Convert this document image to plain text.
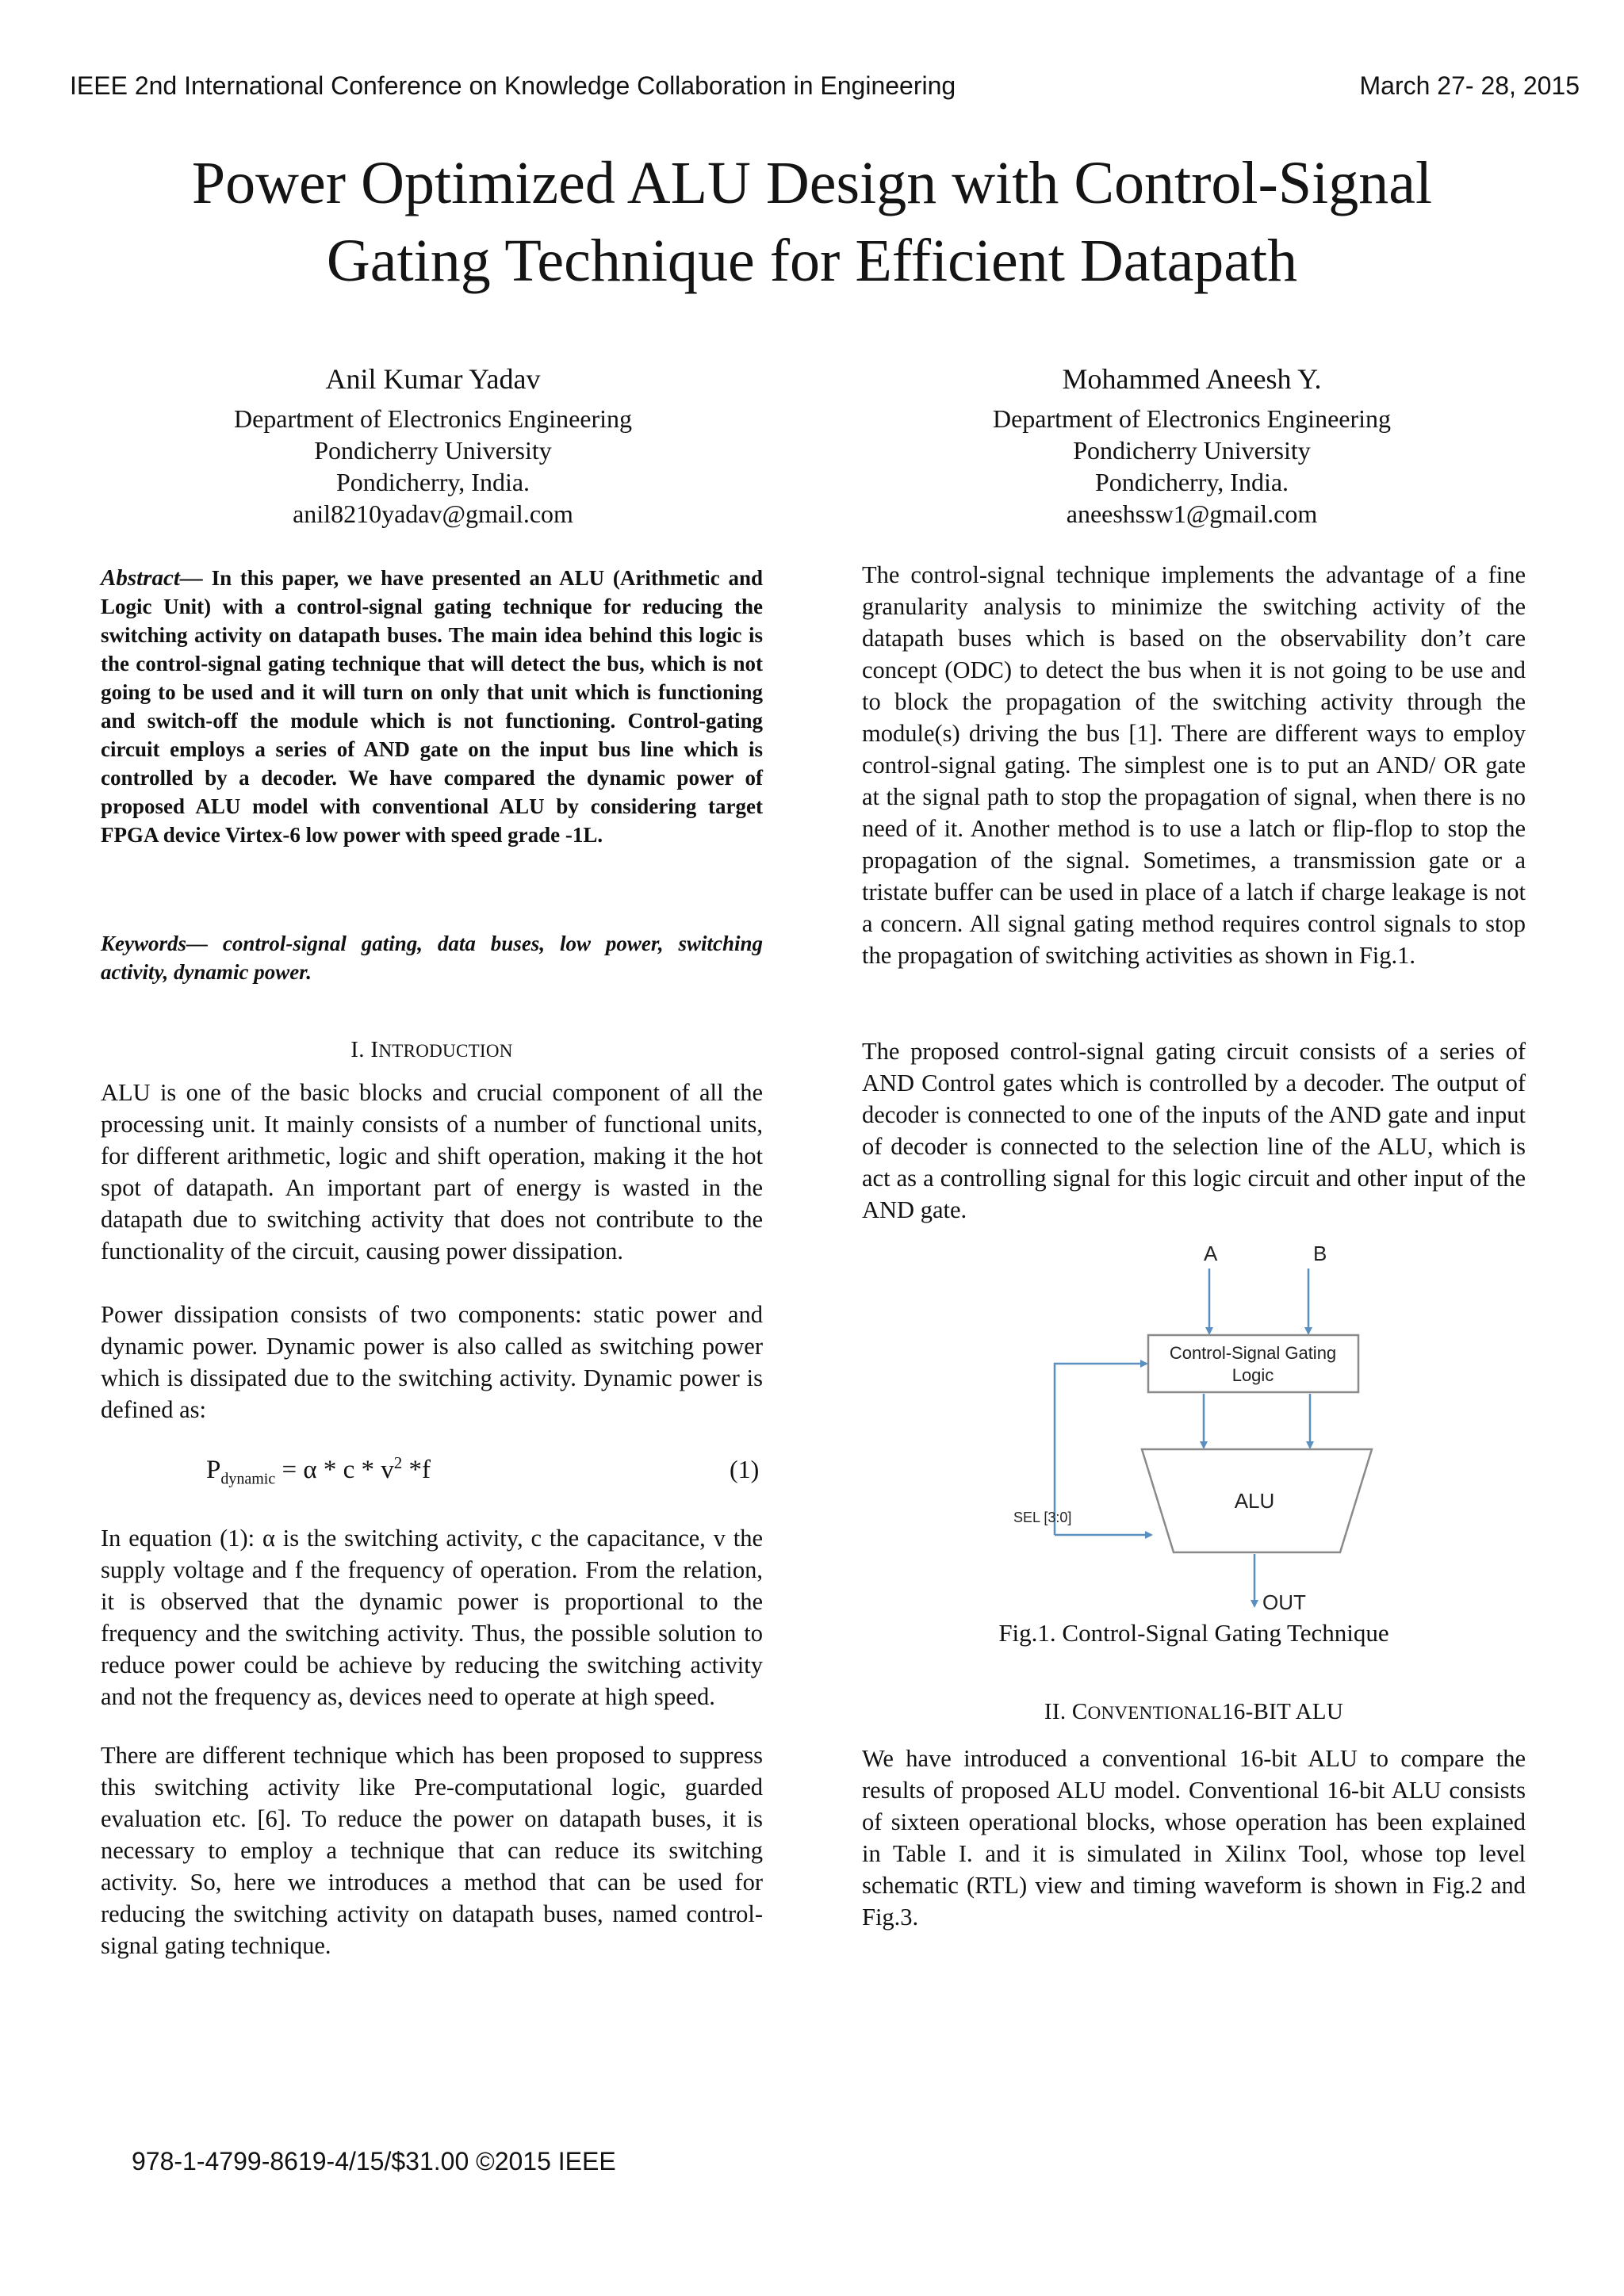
IEEE 2nd International Conference on Knowledge Collaboration in Engineering	March 27- 28, 2015
Power Optimized ALU Design with Control-Signal
Gating Technique for Efficient Datapath
Anil Kumar Yadav
Department of Electronics Engineering
Pondicherry University
Pondicherry, India.
anil8210yadav@gmail.com
Mohammed Aneesh Y.
Department of Electronics Engineering
Pondicherry University
Pondicherry, India.
aneeshssw1@gmail.com

Abstract— In this paper, we have presented an ALU (Arithmetic and Logic Unit) with a control-signal gating technique for reducing the switching activity on datapath buses. The main idea behind this logic is the control-signal gating technique that will detect the bus, which is not going to be used and it will turn on only that unit which is functioning and switch-off the module which is not functioning. Control-gating circuit employs a series of AND gate on the input bus line which is controlled by a decoder. We have compared the dynamic power of proposed ALU model with conventional ALU by considering target FPGA device Virtex-6 low power with speed grade -1L.

Keywords— control-signal gating, data buses, low power, switching activity, dynamic power.

I. INTRODUCTION

ALU is one of the basic blocks and crucial component of all the processing unit. It mainly consists of a number of functional units, for different arithmetic, logic and shift operation, making it the hot spot of datapath. An important part of energy is wasted in the datapath due to switching activity that does not contribute to the functionality of the circuit, causing power dissipation.

Power dissipation consists of two components: static power and dynamic power. Dynamic power is also called as switching power which is dissipated due to the switching activity. Dynamic power is defined as:

$P_{dynamic} = \alpha * c * v^2$ *f	(1)

In equation (1): α is the switching activity, c the capacitance, v the supply voltage and f the frequency of operation. From the relation, it is observed that the dynamic power is proportional to the frequency and the switching activity. Thus, the possible solution to reduce power could be achieve by reducing the switching activity and not the frequency as, devices need to operate at high speed.

There are different technique which has been proposed to suppress this switching activity like Pre-computational logic, guarded evaluation etc. [6]. To reduce the power on datapath buses, it is necessary to employ a technique that can reduce its switching activity. So, here we introduces a method that can be used for reducing the switching activity on datapath buses, named control-signal gating technique.

The control-signal technique implements the advantage of a fine granularity analysis to minimize the switching activity of the datapath buses which is based on the observability don’t care concept (ODC) to detect the bus when it is not going to be use and to block the propagation of the switching activity through the module(s) driving the bus [1]. There are different ways to employ control-signal gating. The simplest one is to put an AND/ OR gate at the signal path to stop the propagation of signal, when there is no need of it. Another method is to use a latch or flip-flop to stop the propagation of the signal. Sometimes, a transmission gate or a tristate buffer can be used in place of a latch if charge leakage is not a concern. All signal gating method requires control signals to stop the propagation of switching activities as shown in Fig.1.

The proposed control-signal gating circuit consists of a series of AND Control gates which is controlled by a decoder. The output of decoder is connected to one of the inputs of the AND gate and input of decoder is connected to the selection line of the ALU, which is act as a controlling signal for this logic circuit and other input of the AND gate.

A	B
Control-Signal Gating
Logic
SEL [3:0]
ALU
OUT
Fig.1. Control-Signal Gating Technique
II. CONVENTIONAL16-BIT ALU

We have introduced a conventional 16-bit ALU to compare the results of proposed ALU model. Conventional 16-bit ALU consists of sixteen operational blocks, whose operation has been explained in Table I. and it is simulated in Xilinx Tool, whose top level schematic (RTL) view and timing waveform is shown in Fig.2 and Fig.3.

978-1-4799-8619-4/15/$31.00 ©2015 IEEE
